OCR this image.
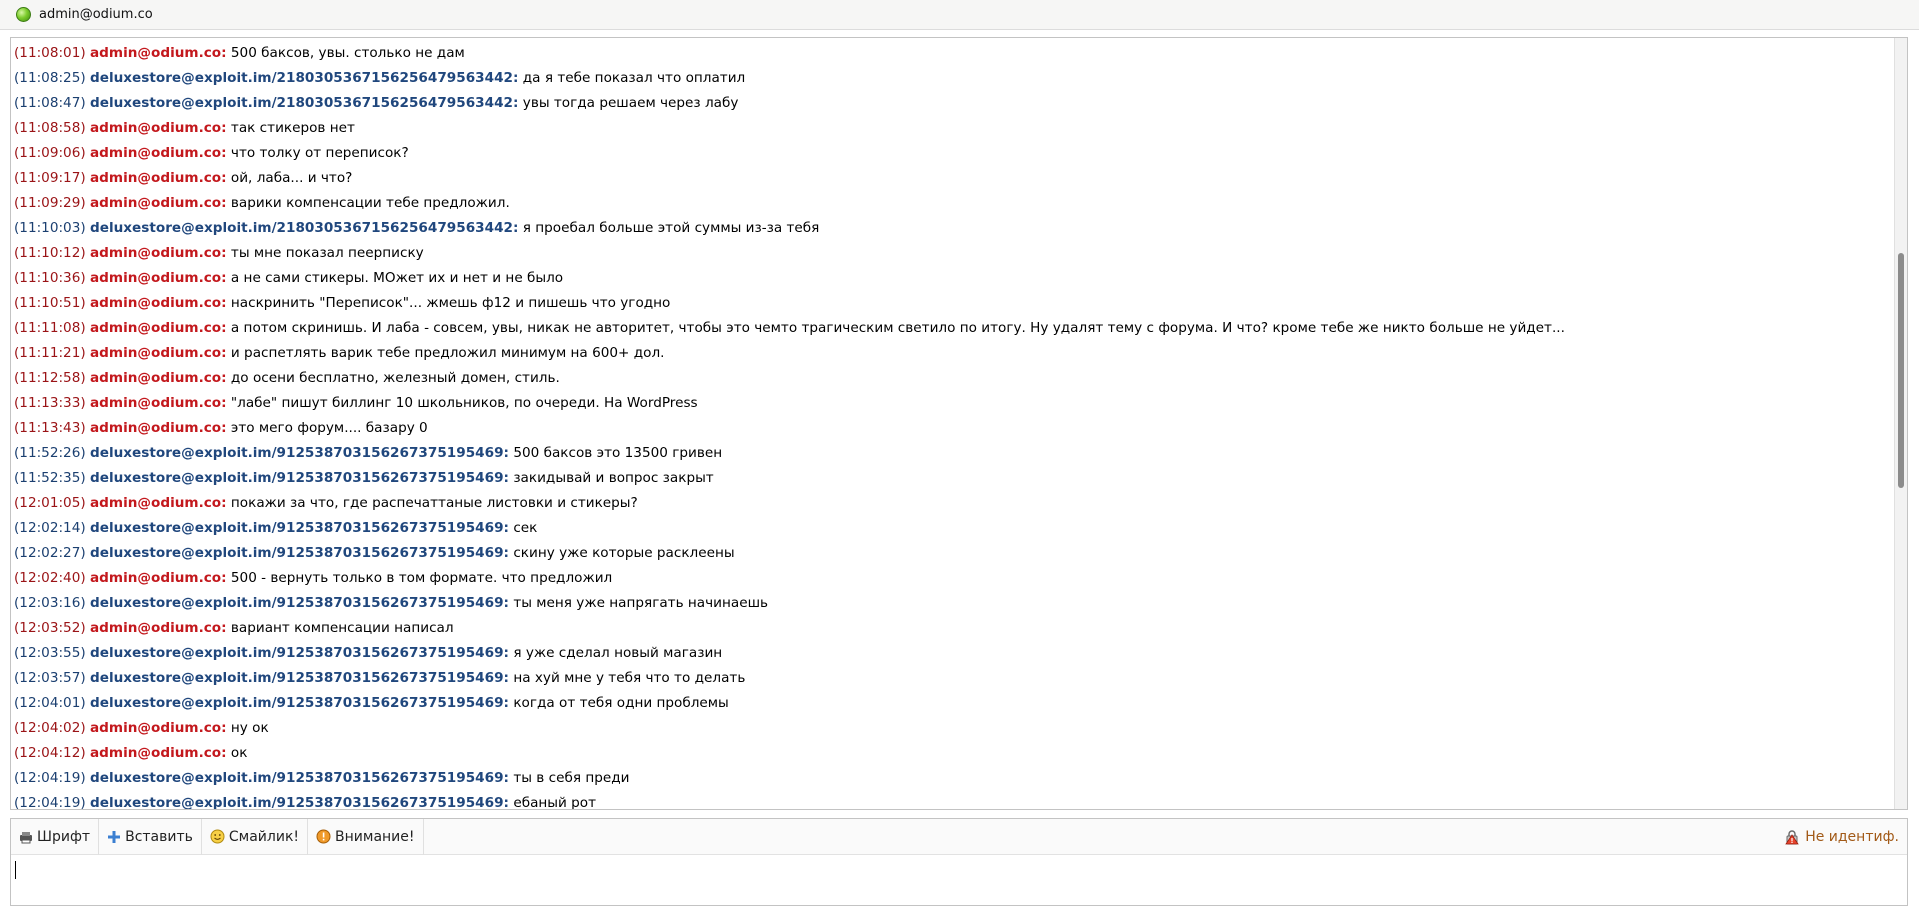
admin@odium.co
(11:08:01) admin@odium.co: 500 баксов, увы. столько не дам
(11:08:25) deluxestore@exploit.im/218030536715625647956344​2: да я тебе показал что оплатил
(11:08:47) deluxestore@exploit.im/218030536715625647956344​2: увы тогда решаем через лабу
(11:08:58) admin@odium.co: так стикеров нет
(11:09:06) admin@odium.co: что толку от переписок?
(11:09:17) admin@odium.co: ой, лаба... и что?
(11:09:29) admin@odium.co: варики компенсации тебе предложил.
(11:10:03) deluxestore@exploit.im/218030536715625647956344​2: я проебал больше этой суммы из-за тебя
(11:10:12) admin@odium.co: ты мне показал пеерписку
(11:10:36) admin@odium.co: а не сами стикеры. МОжет их и нет и не было
(11:10:51) admin@odium.co: наскринить "Переписок"... жмешь ф12 и пишешь что угодно
(11:11:08) admin@odium.co: а потом скринишь. И лаба - совсем, увы, никак не авторитет, чтобы это чемто трагическим светило по итогу. Ну удалят тему с форума. И что? кроме тебе же никто больше не уйдет...
(11:11:21) admin@odium.co: и распетлять варик тебе предложил минимум на 600+ дол.
(11:12:58) admin@odium.co: до осени бесплатно, железный домен, стиль.
(11:13:33) admin@odium.co: "лабе" пишут биллинг 10 школьников, по очереди. На WordPress
(11:13:43) admin@odium.co: это мего форум.... базару 0
(11:52:26) deluxestore@exploit.im/912538703156267375195469: 500 баксов это 13500 гривен
(11:52:35) deluxestore@exploit.im/912538703156267375195469: закидывай и вопрос закрыт
(12:01:05) admin@odium.co: покажи за что, где распечаттаные листовки и стикеры?
(12:02:14) deluxestore@exploit.im/912538703156267375195469: сек
(12:02:27) deluxestore@exploit.im/912538703156267375195469: скину уже которые расклеены
(12:02:40) admin@odium.co: 500 - вернуть только в том формате. что предложил
(12:03:16) deluxestore@exploit.im/912538703156267375195469: ты меня уже напрягать начинаешь
(12:03:52) admin@odium.co: вариант компенсации написал
(12:03:55) deluxestore@exploit.im/912538703156267375195469: я уже сделал новый магазин
(12:03:57) deluxestore@exploit.im/912538703156267375195469: на хуй мне у тебя что то делать
(12:04:01) deluxestore@exploit.im/912538703156267375195469: когда от тебя одни проблемы
(12:04:02) admin@odium.co: ну ок
(12:04:12) admin@odium.co: ок
(12:04:19) deluxestore@exploit.im/912538703156267375195469: ты в себя преди
(12:04:19) deluxestore@exploit.im/912538703156267375195469: ебаный рот
Шрифт	Вставить	Смайлик!	Внимание!	Не идентиф.
